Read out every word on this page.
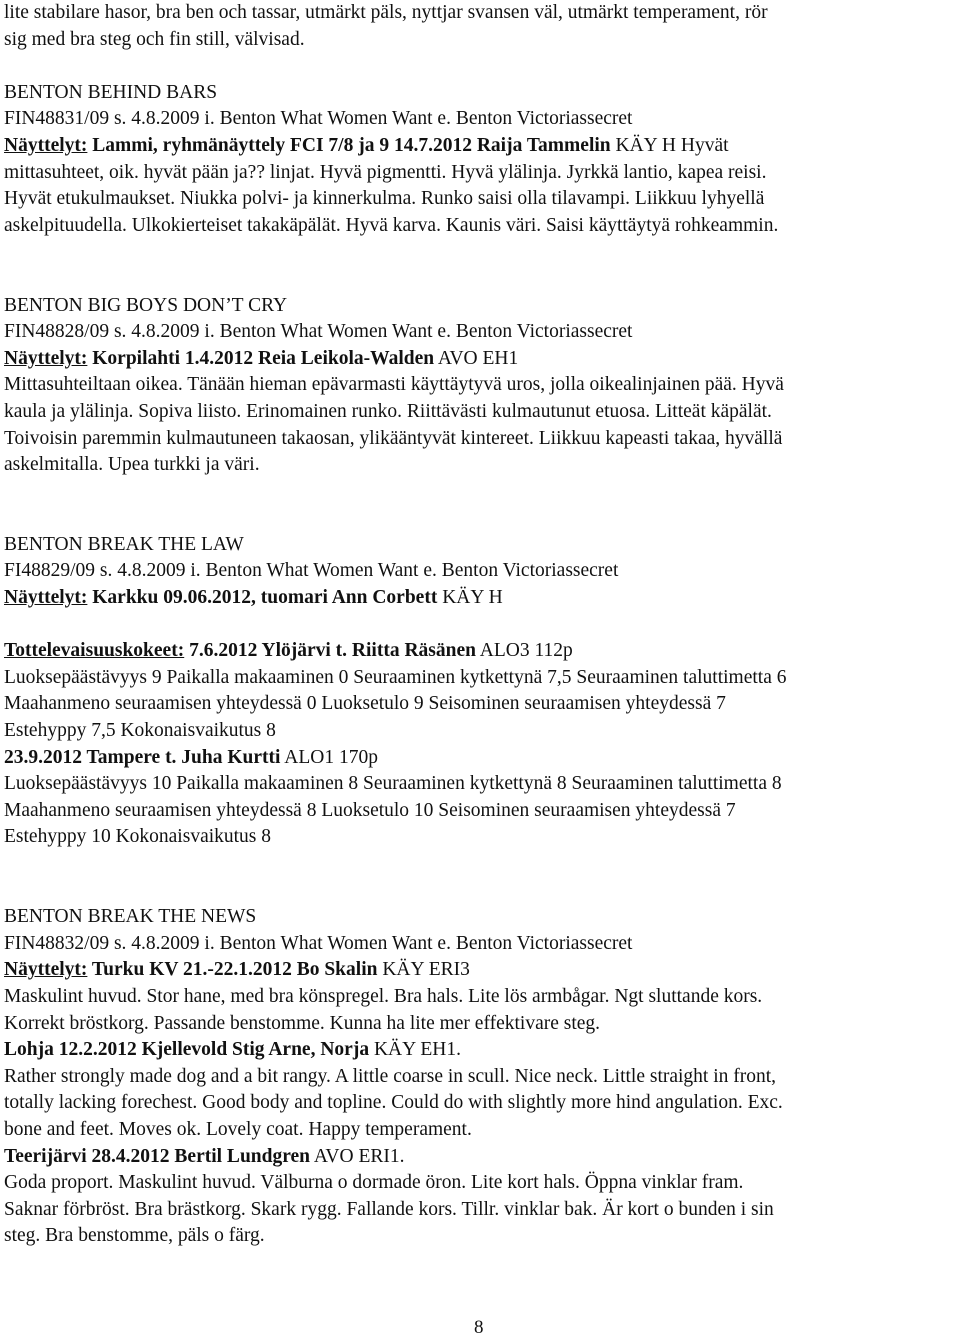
lite stabilare hasor, bra ben och tassar, utmärkt päls, nyttjar svansen väl, utmärkt temperament, rör
sig med bra steg och fin still, välvisad.
BENTON BEHIND BARS
FIN48831/09 s. 4.8.2009 i. Benton What Women Want e. Benton Victoriassecret
Näyttelyt: Lammi, ryhmänäyttely FCI 7/8 ja 9 14.7.2012 Raija Tammelin KÄY H Hyvät
mittasuhteet, oik. hyvät pään ja?? linjat. Hyvä pigmentti. Hyvä ylälinja. Jyrkkä lantio, kapea reisi.
Hyvät etukulmaukset. Niukka polvi- ja kinnerkulma. Runko saisi olla tilavampi. Liikkuu lyhyellä
askelpituudella. Ulkokierteiset takakäpälät. Hyvä karva. Kaunis väri. Saisi käyttäytyä rohkeammin.
BENTON BIG BOYS DON’T CRY
FIN48828/09 s. 4.8.2009 i. Benton What Women Want e. Benton Victoriassecret
Näyttelyt: Korpilahti 1.4.2012 Reia Leikola-Walden AVO EH1
Mittasuhteiltaan oikea. Tänään hieman epävarmasti käyttäytyvä uros, jolla oikealinjainen pää. Hyvä
kaula ja ylälinja. Sopiva liisto. Erinomainen runko. Riittävästi kulmautunut etuosa. Litteät käpälät.
Toivoisin paremmin kulmautuneen takaosan, ylikääntyvät kintereet. Liikkuu kapeasti takaa, hyvällä
askelmitalla. Upea turkki ja väri.
BENTON BREAK THE LAW
FI48829/09 s. 4.8.2009 i. Benton What Women Want e. Benton Victoriassecret
Näyttelyt: Karkku 09.06.2012, tuomari Ann Corbett KÄY H
Tottelevaisuuskokeet: 7.6.2012 Ylöjärvi t. Riitta Räsänen ALO3 112p
Luoksepäästävyys 9 Paikalla makaaminen 0 Seuraaminen kytkettynä 7,5 Seuraaminen taluttimetta 6
Maahanmeno seuraamisen yhteydessä 0 Luoksetulo 9 Seisominen seuraamisen yhteydessä 7
Estehyppy 7,5 Kokonaisvaikutus 8
23.9.2012 Tampere t. Juha Kurtti ALO1 170p
Luoksepäästävyys 10 Paikalla makaaminen 8 Seuraaminen kytkettynä 8 Seuraaminen taluttimetta 8
Maahanmeno seuraamisen yhteydessä 8 Luoksetulo 10 Seisominen seuraamisen yhteydessä 7
Estehyppy 10 Kokonaisvaikutus 8
BENTON BREAK THE NEWS
FIN48832/09 s. 4.8.2009 i. Benton What Women Want e. Benton Victoriassecret
Näyttelyt: Turku KV 21.-22.1.2012 Bo Skalin KÄY ERI3
Maskulint huvud. Stor hane, med bra könspregel. Bra hals. Lite lös armbågar. Ngt sluttande kors.
Korrekt bröstkorg. Passande benstomme. Kunna ha lite mer effektivare steg.
Lohja 12.2.2012 Kjellevold Stig Arne, Norja KÄY EH1.
Rather strongly made dog and a bit rangy. A little coarse in scull. Nice neck. Little straight in front,
totally lacking forechest. Good body and topline. Could do with slightly more hind angulation. Exc.
bone and feet. Moves ok. Lovely coat. Happy temperament.
Teerijärvi 28.4.2012 Bertil Lundgren AVO ERI1.
Goda proport. Maskulint huvud. Välburna o dormade öron. Lite kort hals. Öppna vinklar fram.
Saknar förbröst. Bra brästkorg. Skark rygg. Fallande kors. Tillr. vinklar bak. Är kort o bunden i sin
steg. Bra benstomme, päls o färg.
8
